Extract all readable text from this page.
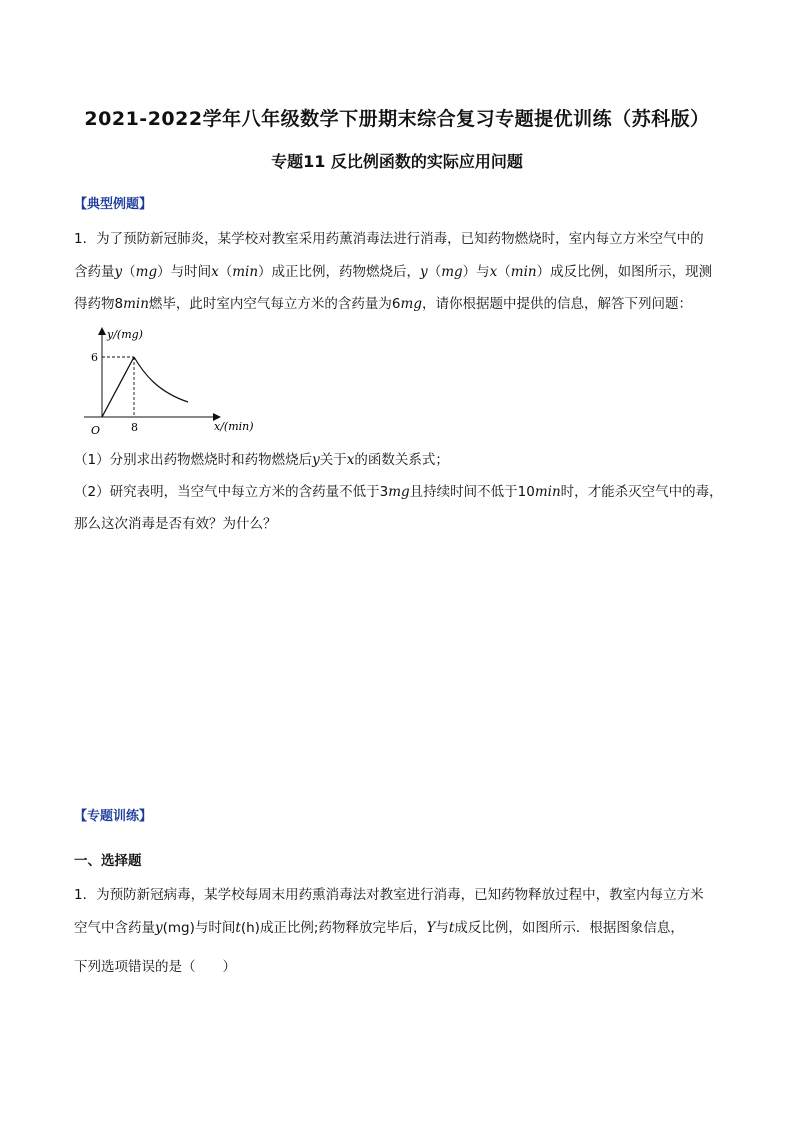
2021-2022学年八年级数学下册期末综合复习专题提优训练（苏科版）
专题11 反比例函数的实际应用问题
【典型例题】
1．为了预防新冠肺炎，某学校对教室采用药薰消毒法进行消毒，已知药物燃烧时，室内每立方米空气中的
含药量y（mg）与时间x（min）成正比例，药物燃烧后，y（mg）与x（min）成反比例，如图所示，现测
得药物8min燃毕，此时室内空气每立方米的含药量为6mg，请你根据题中提供的信息，解答下列问题：
y/(mg)
x/(min)
O
6
8
（1）分别求出药物燃烧时和药物燃烧后y关于x的函数关系式；
（2）研究表明，当空气中每立方米的含药量不低于3mg且持续时间不低于10min时，才能杀灭空气中的毒，
那么这次消毒是否有效？为什么？
【专题训练】
一、选择题
1．为预防新冠病毒，某学校每周末用药熏消毒法对教室进行消毒，已知药物释放过程中，教室内每立方米
空气中含药量y(mg)与时间t(h)成正比例;药物释放完毕后，Y与t成反比例，如图所示．根据图象信息，
下列选项错误的是（　　）
